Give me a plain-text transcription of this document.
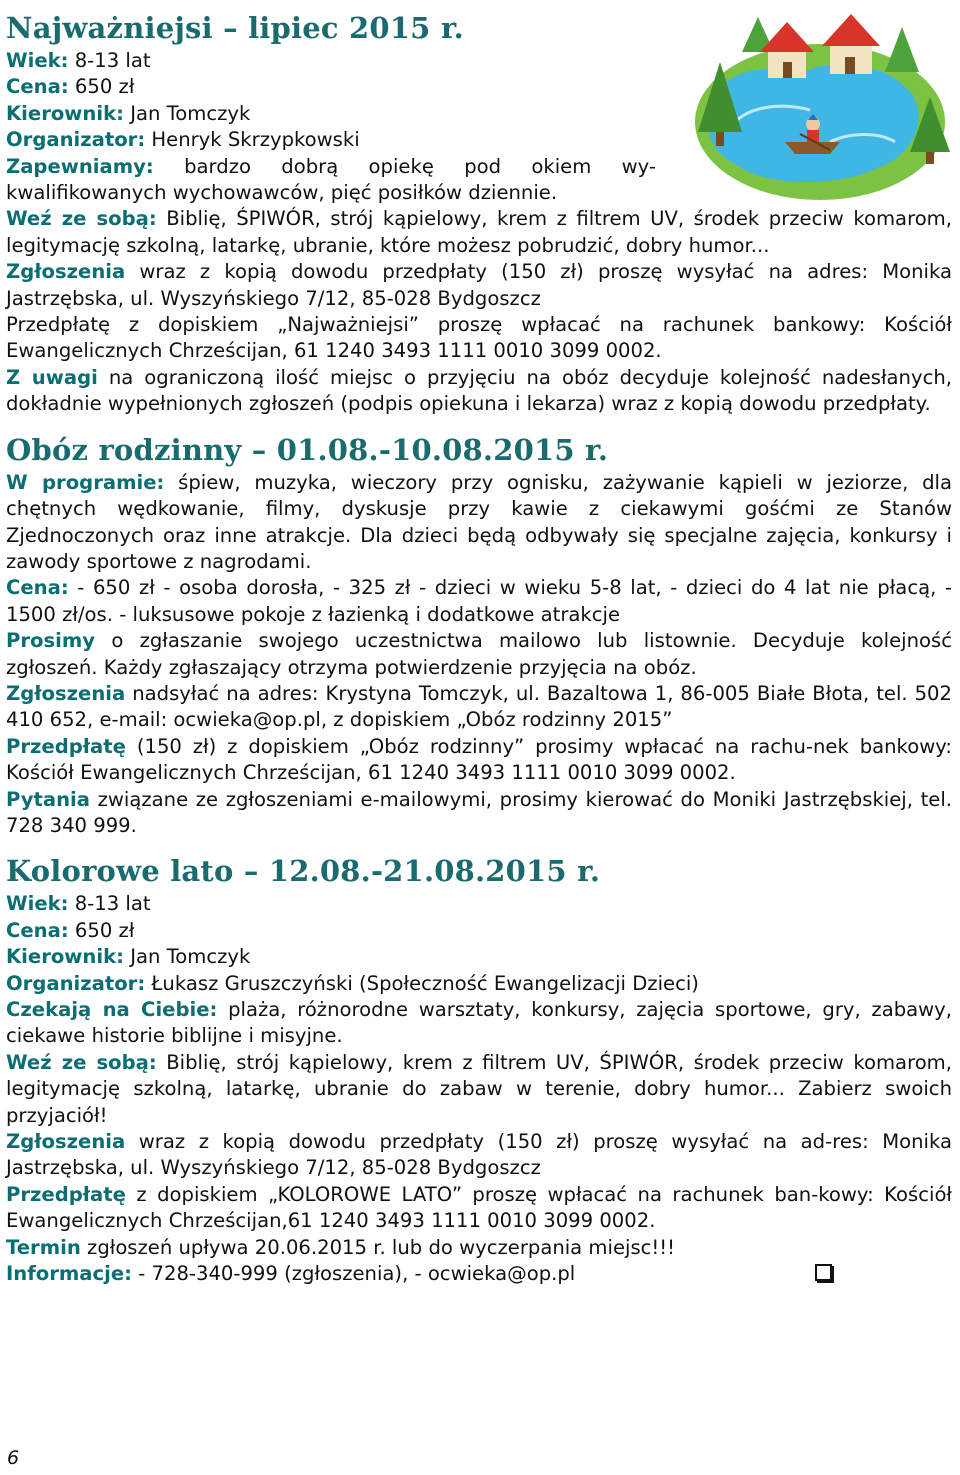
Najważniejsi – lipiec 2015 r.

Wiek: 8-13 lat

Cena: 650 zł

Kierownik: Jan Tomczyk

Organizator: Henryk Skrzypkowski

Zapewniamy: bardzo dobrą opiekę pod okiem wy-kwalifikowanych wychowawców, pięć posiłków dziennie.

Weź ze sobą: Biblię, ŚPIWÓR, strój kąpielowy, krem z filtrem UV, środek przeciw komarom, legitymację szkolną, latarkę, ubranie, które możesz pobrudzić, dobry humor...

Zgłoszenia wraz z kopią dowodu przedpłaty (150 zł) proszę wysyłać na adres: Monika Jastrzębska, ul. Wyszyńskiego 7/12, 85-028 Bydgoszcz

Przedpłatę z dopiskiem „Najważniejsi” proszę wpłacać na rachunek bankowy: Kościół Ewangelicznych Chrześcijan, 61 1240 3493 1111 0010 3099 0002.

Z uwagi na ograniczoną ilość miejsc o przyjęciu na obóz decyduje kolejność nadesłanych, dokładnie wypełnionych zgłoszeń (podpis opiekuna i lekarza) wraz z kopią dowodu przedpłaty.

Obóz rodzinny – 01.08.-10.08.2015 r.

W programie: śpiew, muzyka, wieczory przy ognisku, zażywanie kąpieli w jeziorze, dla chętnych wędkowanie, filmy, dyskusje przy kawie z ciekawymi gośćmi ze Stanów Zjednoczonych oraz inne atrakcje. Dla dzieci będą odbywały się specjalne zajęcia, konkursy i zawody sportowe z nagrodami.

Cena: - 650 zł - osoba dorosła, - 325 zł - dzieci w wieku 5-8 lat, - dzieci do 4 lat nie płacą, - 1500 zł/os. - luksusowe pokoje z łazienką i dodatkowe atrakcje

Prosimy o zgłaszanie swojego uczestnictwa mailowo lub listownie. Decyduje kolejność zgłoszeń. Każdy zgłaszający otrzyma potwierdzenie przyjęcia na obóz.

Zgłoszenia nadsyłać na adres: Krystyna Tomczyk, ul. Bazaltowa 1, 86-005 Białe Błota, tel. 502 410 652, e-mail: ocwieka@op.pl, z dopiskiem „Obóz rodzinny 2015”

Przedpłatę (150 zł) z dopiskiem „Obóz rodzinny” prosimy wpłacać na rachu-nek bankowy: Kościół Ewangelicznych Chrześcijan, 61 1240 3493 1111 0010 3099 0002.

Pytania związane ze zgłoszeniami e-mailowymi, prosimy kierować do Moniki Jastrzębskiej, tel. 728 340 999.

Kolorowe lato – 12.08.-21.08.2015 r.

Wiek: 8-13 lat

Cena: 650 zł

Kierownik: Jan Tomczyk

Organizator: Łukasz Gruszczyński (Społeczność Ewangelizacji Dzieci)

Czekają na Ciebie: plaża, różnorodne warsztaty, konkursy, zajęcia sportowe, gry, zabawy, ciekawe historie biblijne i misyjne.

Weź ze sobą: Biblię, strój kąpielowy, krem z filtrem UV, ŚPIWÓR, środek przeciw komarom, legitymację szkolną, latarkę, ubranie do zabaw w terenie, dobry humor... Zabierz swoich przyjaciół!

Zgłoszenia wraz z kopią dowodu przedpłaty (150 zł) proszę wysyłać na ad-res: Monika Jastrzębska, ul. Wyszyńskiego 7/12, 85-028 Bydgoszcz

Przedpłatę z dopiskiem „KOLOROWE LATO” proszę wpłacać na rachunek ban-kowy: Kościół Ewangelicznych Chrześcijan,61 1240 3493 1111 0010 3099 0002.

Termin zgłoszeń upływa 20.06.2015 r. lub do wyczerpania miejsc!!!

Informacje: - 728-340-999 (zgłoszenia), - ocwieka@op.pl

6
